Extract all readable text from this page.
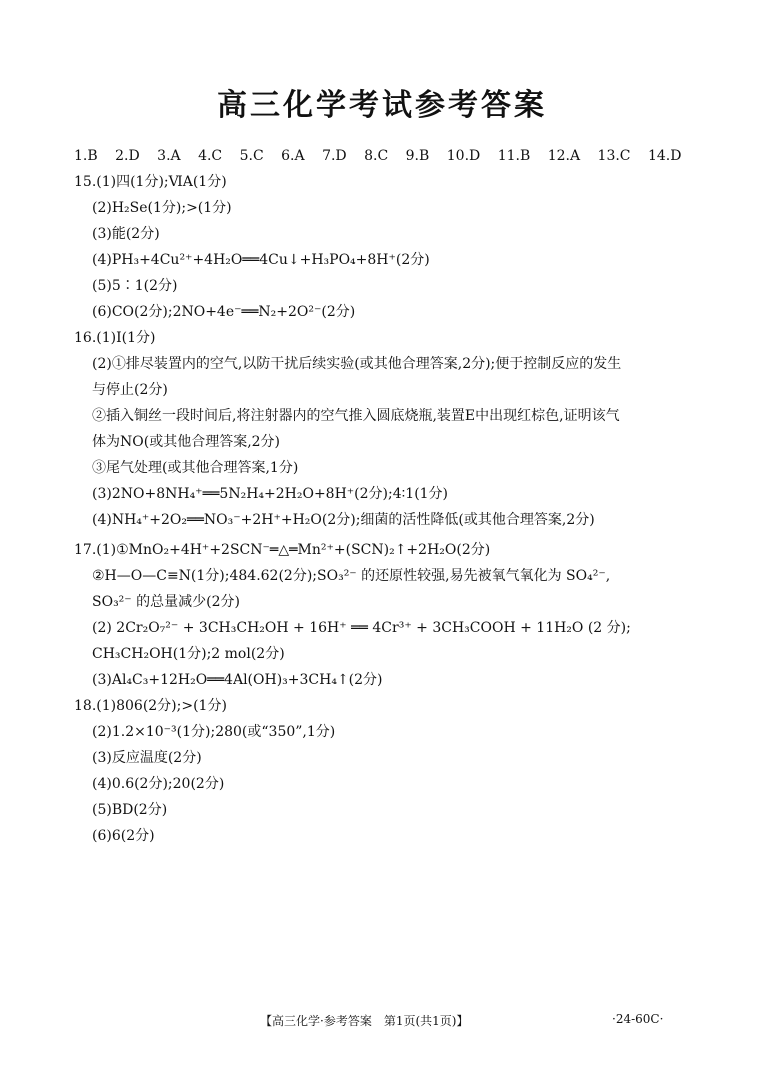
高三化学考试参考答案
1.B 2.D 3.A 4.C 5.C 6.A 7.D 8.C 9.B 10.D 11.B 12.A 13.C 14.D
15.(1)四(1分);ⅥA(1分)
(2)H₂Se(1分);>(1分)
(3)能(2分)
(4)PH₃+4Cu²⁺+4H₂O══4Cu↓+H₃PO₄+8H⁺(2分)
(5)5∶1(2分)
(6)CO(2分);2NO+4e⁻══N₂+2O²⁻(2分)
16.(1)Ⅰ(1分)
(2)①排尽装置内的空气,以防干扰后续实验(或其他合理答案,2分);便于控制反应的发生
与停止(2分)
②插入铜丝一段时间后,将注射器内的空气推入圆底烧瓶,装置E中出现红棕色,证明该气
体为NO(或其他合理答案,2分)
③尾气处理(或其他合理答案,1分)
(3)2NO+8NH₄⁺══5N₂H₄+2H₂O+8H⁺(2分);4∶1(1分)
(4)NH₄⁺+2O₂══NO₃⁻+2H⁺+H₂O(2分);细菌的活性降低(或其他合理答案,2分)
17.(1)①MnO₂+4H⁺+2SCN⁻═△═Mn²⁺+(SCN)₂↑+2H₂O(2分)
②H—O—C≡N(1分);484.62(2分);SO₃²⁻ 的还原性较强,易先被氧气氧化为 SO₄²⁻,
SO₃²⁻ 的总量减少(2分)
(2) 2Cr₂O₇²⁻ + 3CH₃CH₂OH + 16H⁺ ══ 4Cr³⁺ + 3CH₃COOH + 11H₂O (2 分);
CH₃CH₂OH(1分);2 mol(2分)
(3)Al₄C₃+12H₂O══4Al(OH)₃+3CH₄↑(2分)
18.(1)806(2分);>(1分)
(2)1.2×10⁻³(1分);280(或“350”,1分)
(3)反应温度(2分)
(4)0.6(2分);20(2分)
(5)BD(2分)
(6)6(2分)
【高三化学·参考答案　第1页(共1页)】	·24-60C·
